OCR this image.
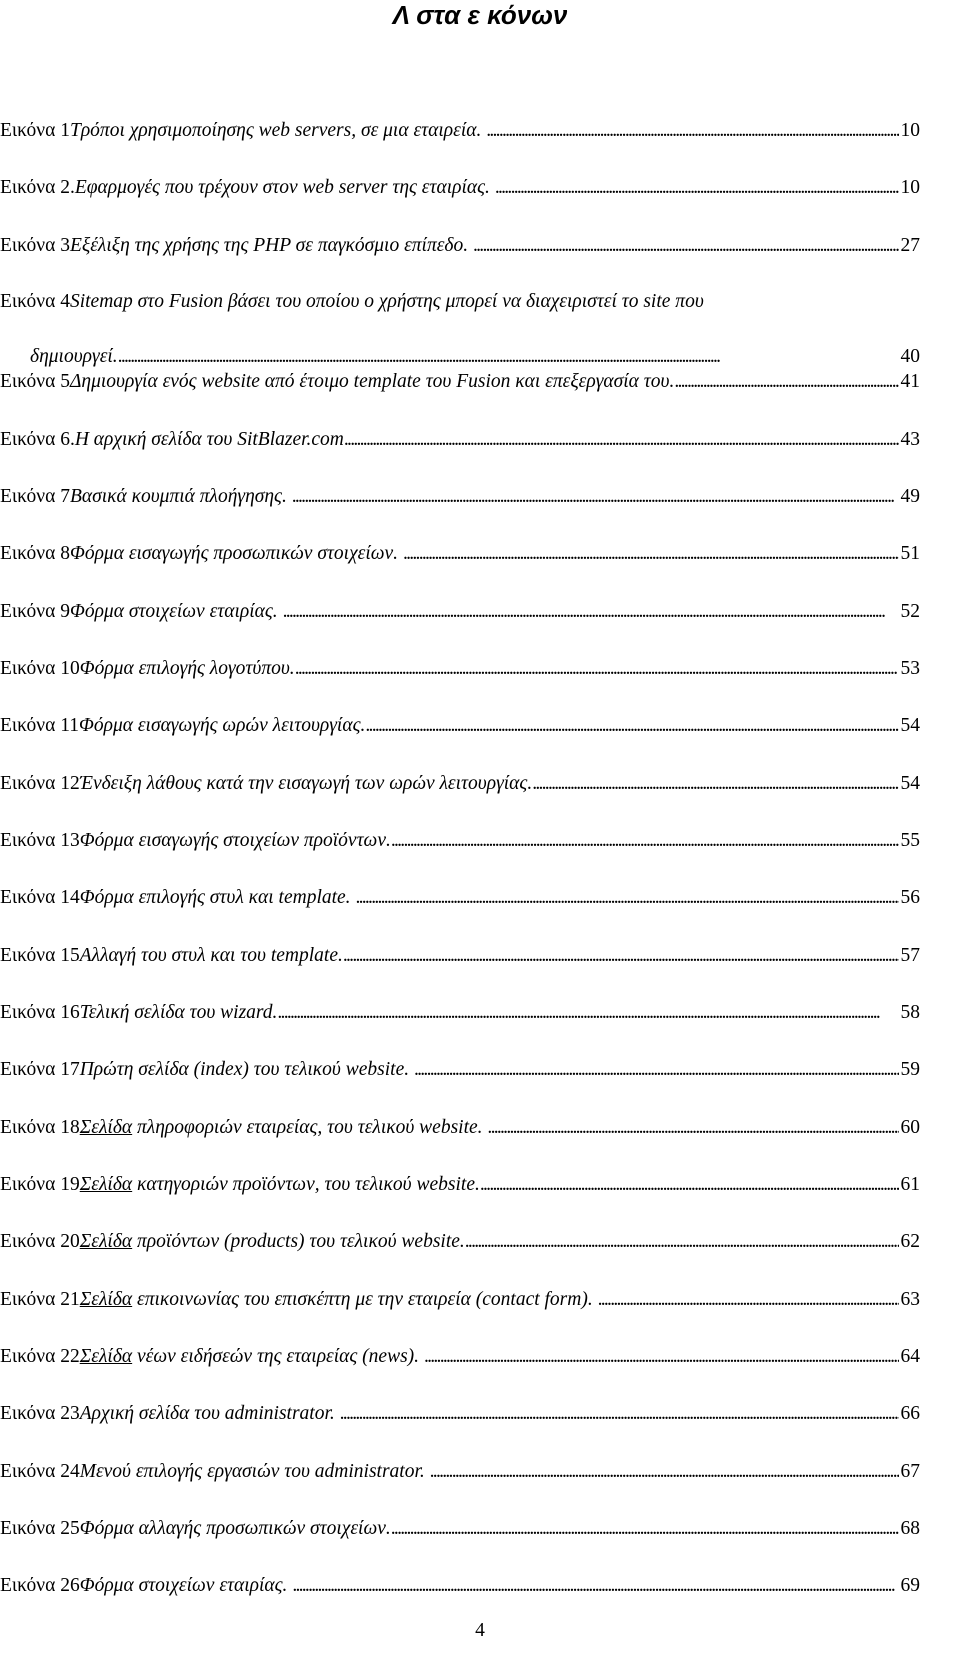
Λ στα ε κόνων
Εικόνα 1 Τρόποι χρησιμοποίησης web servers, σε μια εταιρεία. . . .	10
Εικόνα 2. Εφαρμογές που τρέχουν στον web server της εταιρίας. . . .	10
Εικόνα 3 Εξέλιξη της χρήσης της PHP σε παγκόσμιο επίπεδο. . . .	27
Εικόνα 4 Sitemap στο Fusion βάσει του οποίου ο χρήστης μπορεί να διαχειριστεί το site που
δημιουργεί. . . .	40
Εικόνα 5 Δημιουργία ενός website από έτοιμο template του Fusion και επεξεργασία του. . . .	41
Εικόνα 6. Η αρχική σελίδα του SitBlazer.com . . .	43
Εικόνα 7 Βασικά κουμπιά πλοήγησης. . . .	49
Εικόνα 8 Φόρμα εισαγωγής προσωπικών στοιχείων. . . .	51
Εικόνα 9 Φόρμα στοιχείων εταιρίας. . . .	52
Εικόνα 10 Φόρμα επιλογής λογοτύπου. . . .	53
Εικόνα 11 Φόρμα εισαγωγής ωρών λειτουργίας. . . .	54
Εικόνα 12 Ένδειξη λάθους κατά την εισαγωγή των ωρών λειτουργίας. . . .	54
Εικόνα 13 Φόρμα εισαγωγής στοιχείων προϊόντων. . . .	55
Εικόνα 14 Φόρμα επιλογής στυλ και template. . . .	56
Εικόνα 15 Αλλαγή του στυλ και του template. . . .	57
Εικόνα 16 Τελική σελίδα του wizard. . . .	58
Εικόνα 17 Πρώτη σελίδα (index) του τελικού website. . . .	59
Εικόνα 18 Σελίδα πληροφοριών εταιρείας, του τελικού website. . . .	60
Εικόνα 19 Σελίδα κατηγοριών προϊόντων, του τελικού website. . . .	61
Εικόνα 20 Σελίδα προϊόντων (products) του τελικού website. . . .	62
Εικόνα 21 Σελίδα επικοινωνίας του επισκέπτη με την εταιρεία (contact form). . . .	63
Εικόνα 22 Σελίδα νέων ειδήσεών της εταιρείας (news). . . .	64
Εικόνα 23 Αρχική σελίδα του administrator. . . .	66
Εικόνα 24 Μενού επιλογής εργασιών του administrator. . . .	67
Εικόνα 25 Φόρμα αλλαγής προσωπικών στοιχείων. . . .	68
Εικόνα 26 Φόρμα στοιχείων εταιρίας. . . .	69
4
